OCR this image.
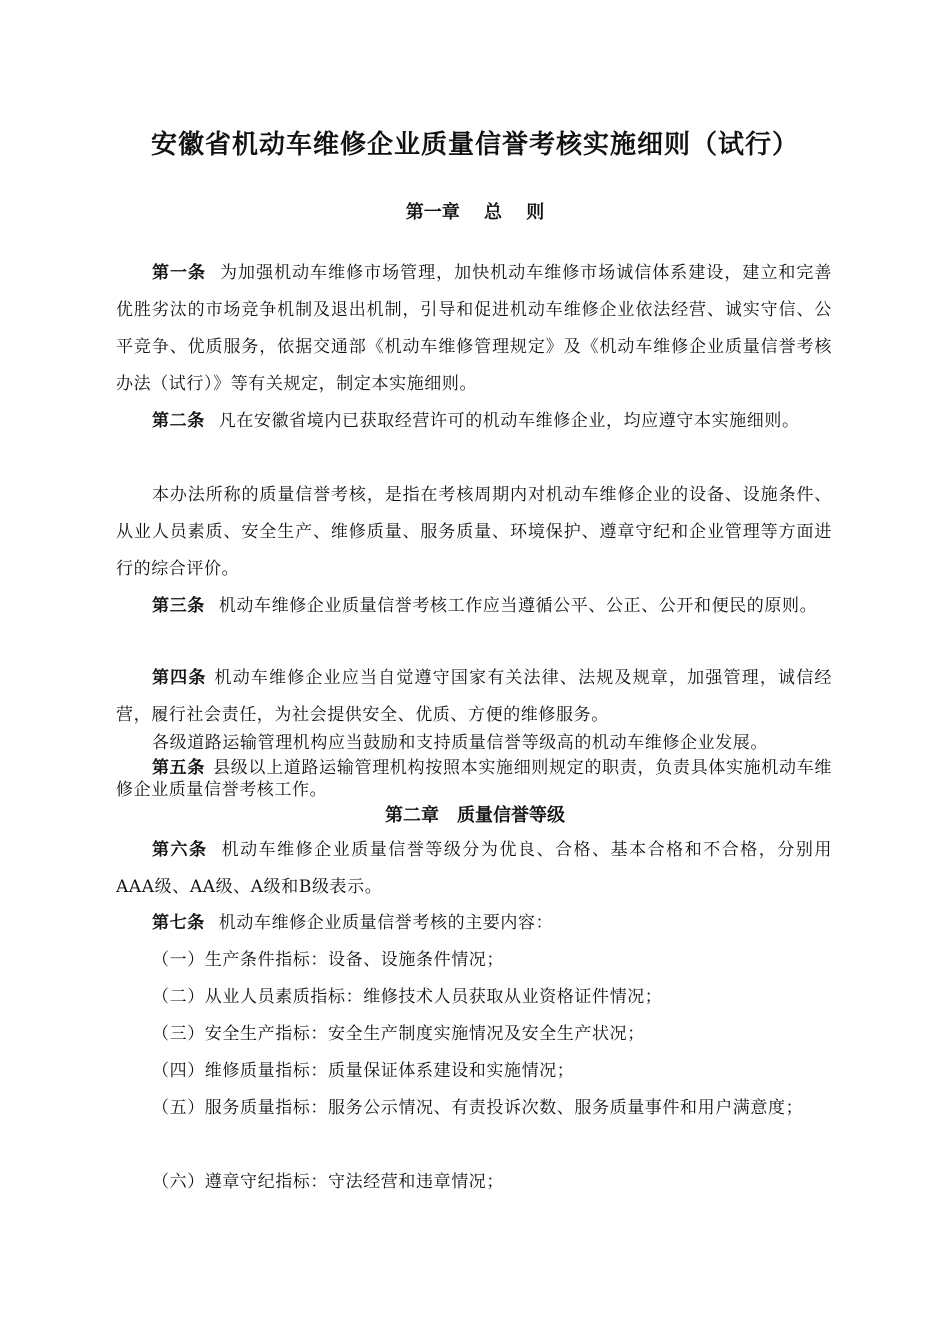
安徽省机动车维修企业质量信誉考核实施细则（试行）
第一章　 总　 则
第一条 为加强机动车维修市场管理，加快机动车维修市场诚信体系建设，建立和完善优胜劣汰的市场竞争机制及退出机制，引导和促进机动车维修企业依法经营、诚实守信、公平竞争、优质服务，依据交通部《机动车维修管理规定》及《机动车维修企业质量信誉考核办法（试行）》等有关规定，制定本实施细则。
第二条 凡在安徽省境内已获取经营许可的机动车维修企业，均应遵守本实施细则。
本办法所称的质量信誉考核，是指在考核周期内对机动车维修企业的设备、设施条件、从业人员素质、安全生产、维修质量、服务质量、环境保护、遵章守纪和企业管理等方面进行的综合评价。
第三条 机动车维修企业质量信誉考核工作应当遵循公平、公正、公开和便民的原则。
第四条 机动车维修企业应当自觉遵守国家有关法律、法规及规章，加强管理，诚信经营，履行社会责任，为社会提供安全、优质、方便的维修服务。
各级道路运输管理机构应当鼓励和支持质量信誉等级高的机动车维修企业发展。
第五条 县级以上道路运输管理机构按照本实施细则规定的职责，负责具体实施机动车维修企业质量信誉考核工作。
第二章　质量信誉等级
第六条 机动车维修企业质量信誉等级分为优良、合格、基本合格和不合格，分别用AAA级、AA级、A级和B级表示。
第七条 机动车维修企业质量信誉考核的主要内容：
（一）生产条件指标：设备、设施条件情况；
（二）从业人员素质指标：维修技术人员获取从业资格证件情况；
（三）安全生产指标：安全生产制度实施情况及安全生产状况；
（四）维修质量指标：质量保证体系建设和实施情况；
（五）服务质量指标：服务公示情况、有责投诉次数、服务质量事件和用户满意度；
（六）遵章守纪指标：守法经营和违章情况；
